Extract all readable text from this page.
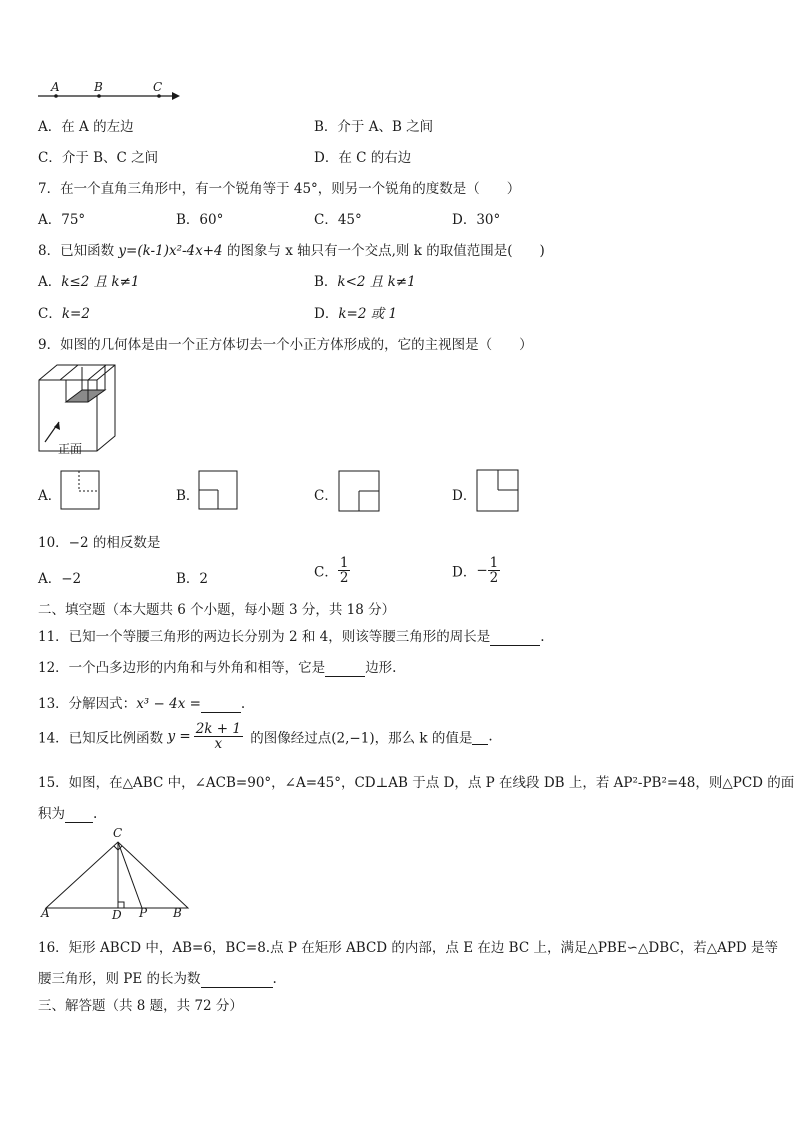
A	B	C
A．在 A 的左边	B．介于 A、B 之间
C．介于 B、C 之间	D．在 C 的右边
7．在一个直角三角形中，有一个锐角等于 45°，则另一个锐角的度数是（　　）
A．75°	B．60°	C．45°	D．30°
8．已知函数 y=(k-1)x²-4x+4 的图象与 x 轴只有一个交点,则 k 的取值范围是(　　)
A．k≤2 且 k≠1	B．k<2 且 k≠1
C．k=2	D．k=2 或 1
9．如图的几何体是由一个正方体切去一个小正方体形成的，它的主视图是（　　）
正面
A．	B．	C．	D．
10．−2 的相反数是
A．−2	B．2	C． $\frac{1}{2}$	D．− $\frac{1}{2}$
二、填空题（本大题共 6 个小题，每小题 3 分，共 18 分）
11．已知一个等腰三角形的两边长分别为 2 和 4，则该等腰三角形的周长是	.
12．一个凸多边形的内角和与外角和相等，它是	边形.
13．分解因式：x³ − 4x =	.
14．已知反比例函数 $y = \frac{2k + 1}{x}$ 的图像经过点(2,−1)，那么 k 的值是 .
15．如图，在△ABC 中，∠ACB=90°，∠A=45°，CD⊥AB 于点 D，点 P 在线段 DB 上，若 AP²-PB²=48，则△PCD 的面
积为 .
C
A	D P B
16．矩形 ABCD 中，AB=6，BC=8.点 P 在矩形 ABCD 的内部，点 E 在边 BC 上，满足△PBE∽△DBC，若△APD 是等
腰三角形，则 PE 的长为数	.
三、解答题（共 8 题，共 72 分）
